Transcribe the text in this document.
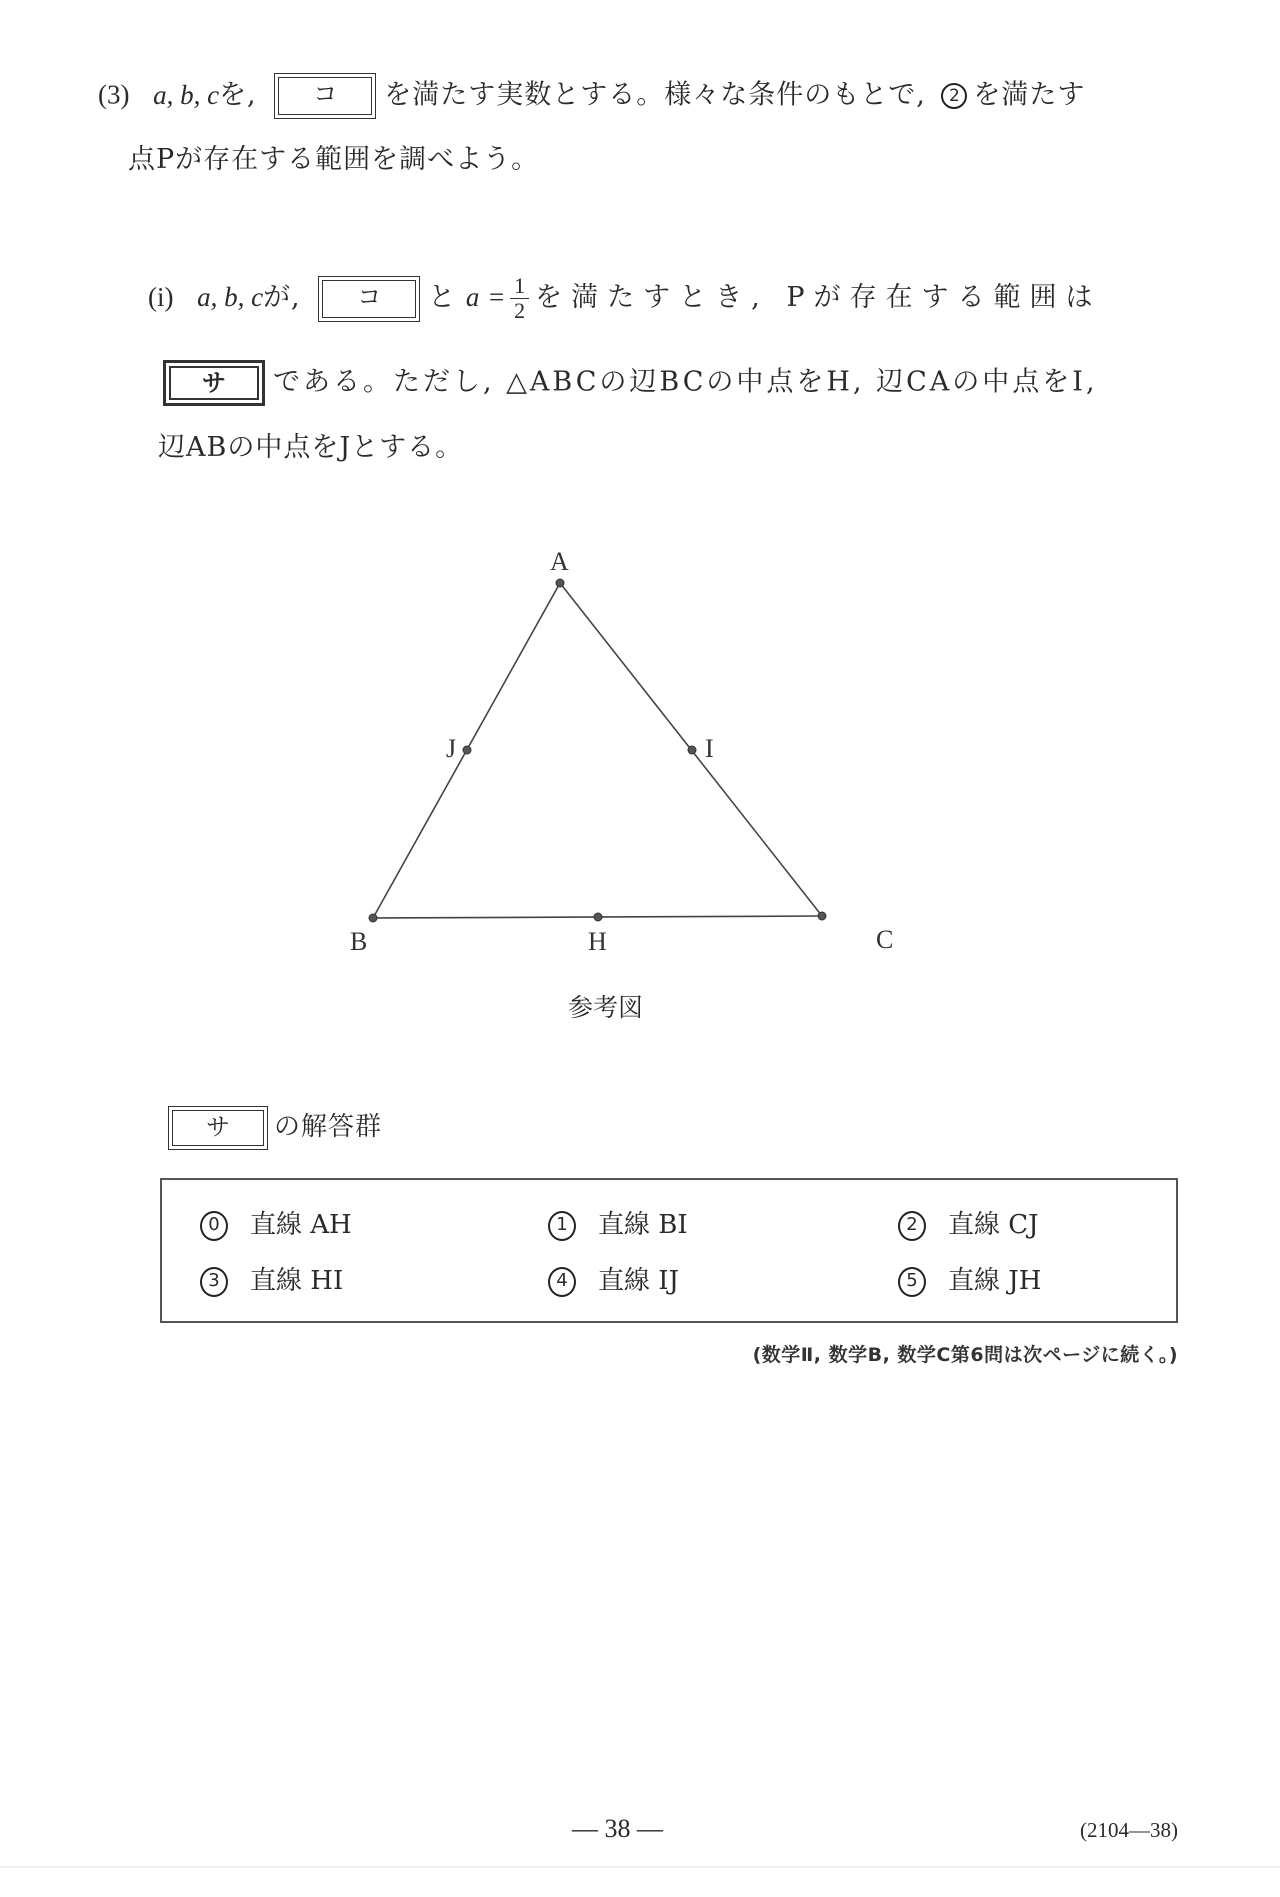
(3) a, b, cを, コ を満たす実数とする。様々な条件のもとで, 2 を満たす
点Pが存在する範囲を調べよう。
(i) a, b, cが, コ と $a = \frac{1}{2}$ を満たすとき, Pが存在する範囲は
サ である。ただし, △ABCの辺BCの中点をH, 辺CAの中点をI,
辺ABの中点をJとする。
A
B	C
H
I
J
参考図
サ の解答群
0 直線 AH	1 直線 BI	2 直線 CJ
3 直線 HI	4 直線 IJ	5 直線 JH
(数学Ⅱ, 数学B, 数学C第6問は次ページに続く。)
— 38 —	(2104—38)
